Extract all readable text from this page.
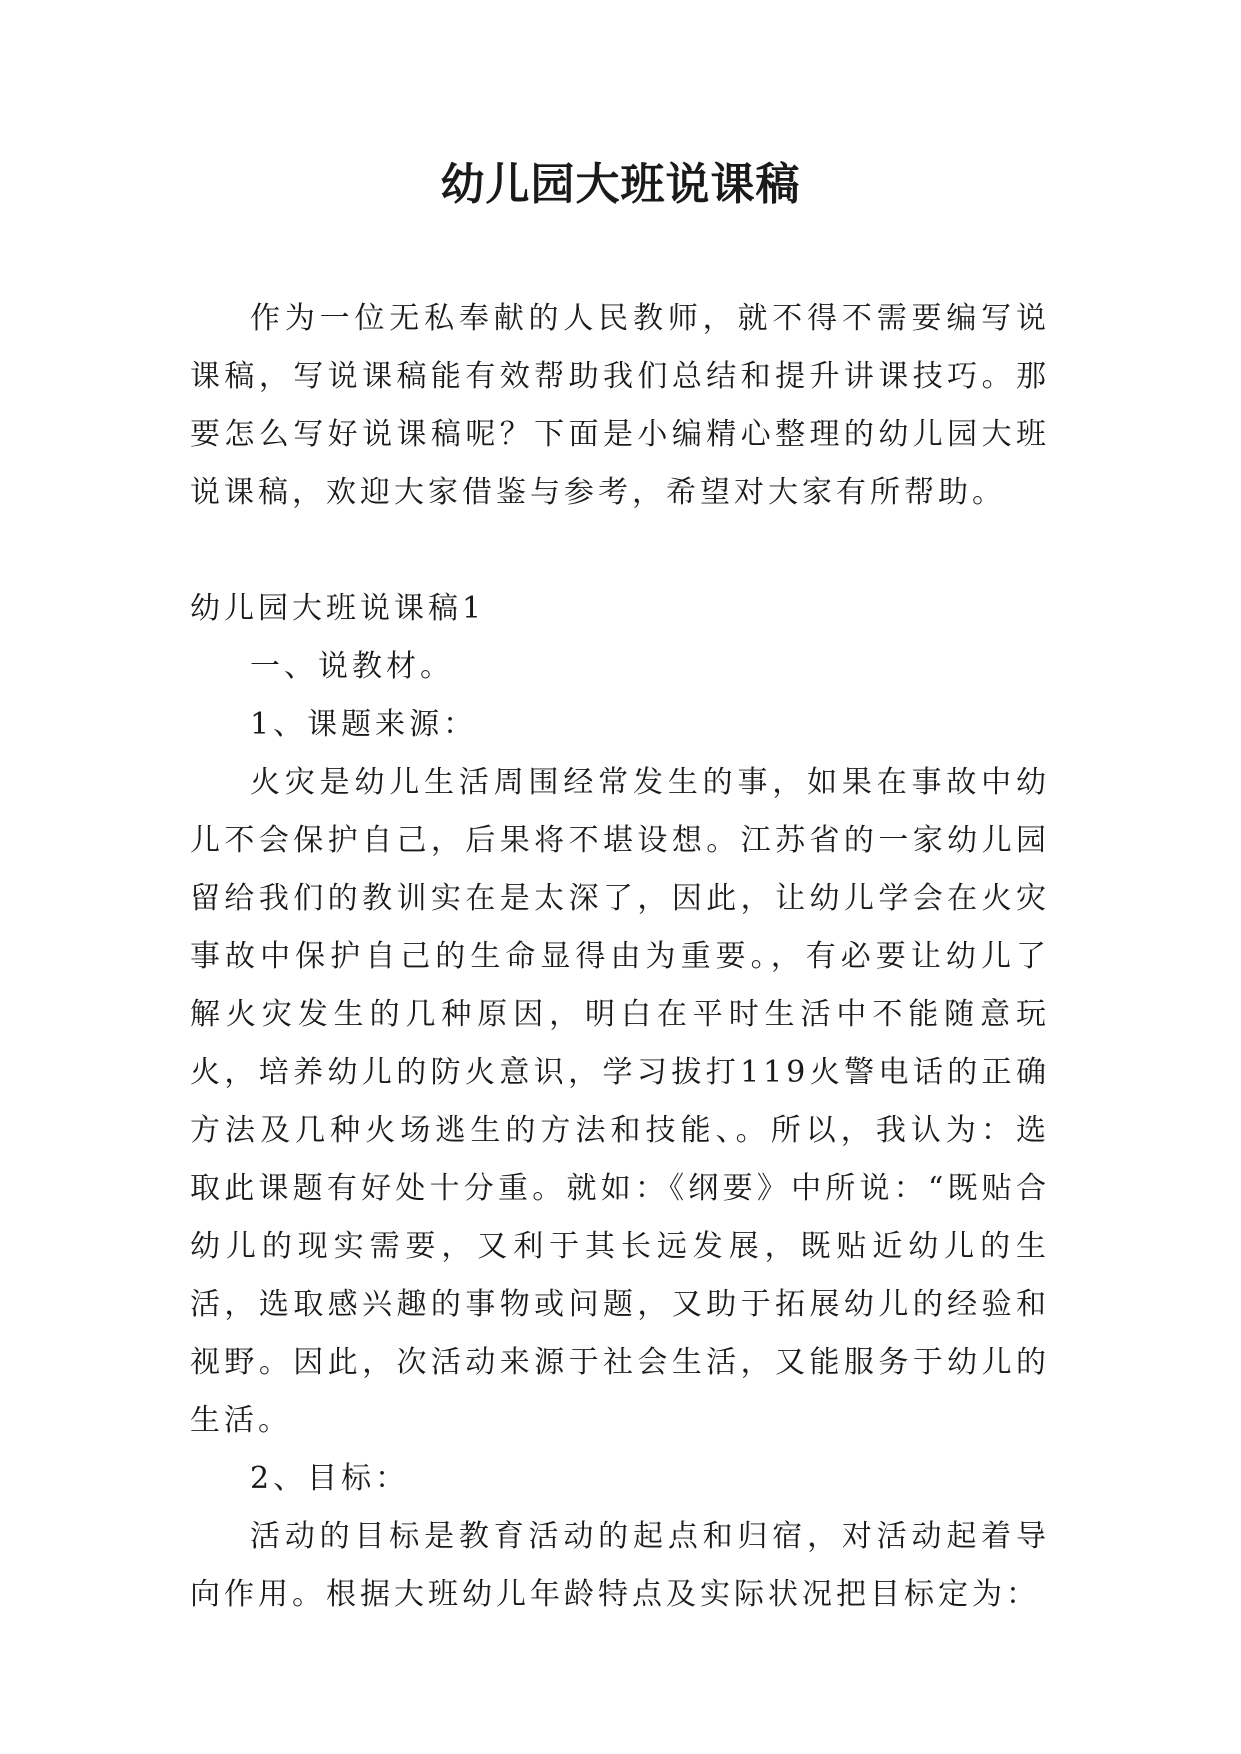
幼儿园大班说课稿

作为一位无私奉献的人民教师，就不得不需要编写说课稿，写说课稿能有效帮助我们总结和提升讲课技巧。那要怎么写好说课稿呢？下面是小编精心整理的幼儿园大班说课稿，欢迎大家借鉴与参考，希望对大家有所帮助。

幼儿园大班说课稿1

一、说教材。

1、课题来源：

火灾是幼儿生活周围经常发生的事，如果在事故中幼儿不会保护自己，后果将不堪设想。江苏省的一家幼儿园留给我们的教训实在是太深了，因此，让幼儿学会在火灾事故中保护自己的生命显得由为重要。，有必要让幼儿了解火灾发生的几种原因，明白在平时生活中不能随意玩火，培养幼儿的防火意识，学习拔打119火警电话的正确方法及几种火场逃生的方法和技能、。所以，我认为：选取此课题有好处十分重。就如：《纲要》中所说：“既贴合幼儿的现实需要，又利于其长远发展，既贴近幼儿的生活，选取感兴趣的事物或问题，又助于拓展幼儿的经验和视野。因此，次活动来源于社会生活，又能服务于幼儿的生活。

2、目标：

活动的目标是教育活动的起点和归宿，对活动起着导向作用。根据大班幼儿年龄特点及实际状况把目标定为：
